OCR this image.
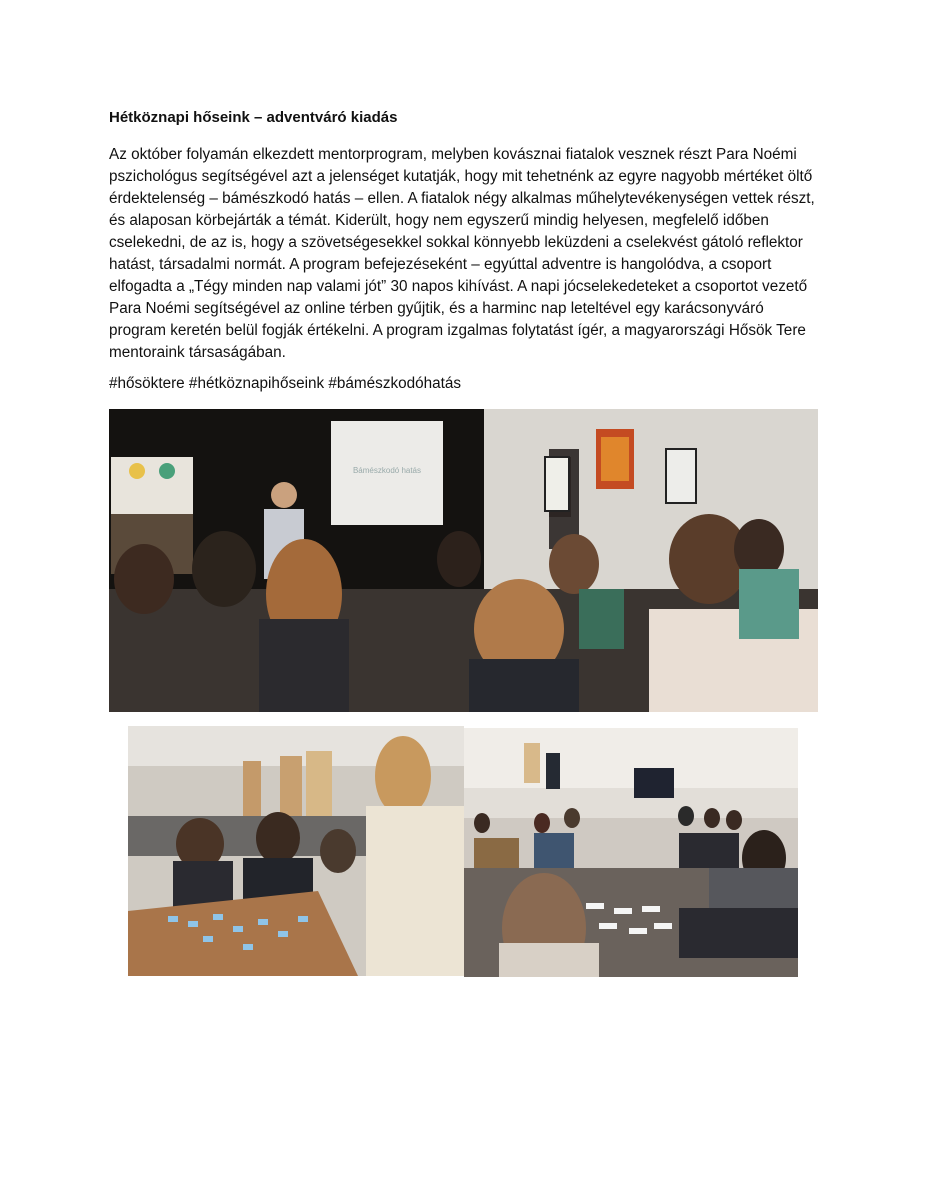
Hétköznapi hőseink – adventváró kiadás
Az október folyamán elkezdett mentorprogram, melyben kovásznai fiatalok vesznek részt Para Noémi pszichológus segítségével azt a jelenséget kutatják, hogy mit tehetnénk az egyre nagyobb mértéket öltő érdektelenség – bámészkodó hatás – ellen. A fiatalok négy alkalmas műhelytevékenységen vettek részt, és alaposan körbejárták a témát. Kiderült, hogy nem egyszerű mindig helyesen, megfelelő időben cselekedni, de az is, hogy a szövetségesekkel sokkal könnyebb leküzdeni a cselekvést gátoló reflektor hatást, társadalmi normát. A program befejezéseként – egyúttal adventre is hangolódva, a csoport elfogadta a „Tégy minden nap valami jót” 30 napos kihívást. A napi jócselekedeteket a csoportot vezető Para Noémi segítségével az online térben gyűjtik, és a harminc nap leteltével egy karácsonyváró program keretén belül fogják értékelni. A program izgalmas folytatást ígér, a magyarországi Hősök Tere mentoraink társaságában.
#hősöktere #hétköznapihőseink #bámészkodóhatás
Bámészkodó hatás
